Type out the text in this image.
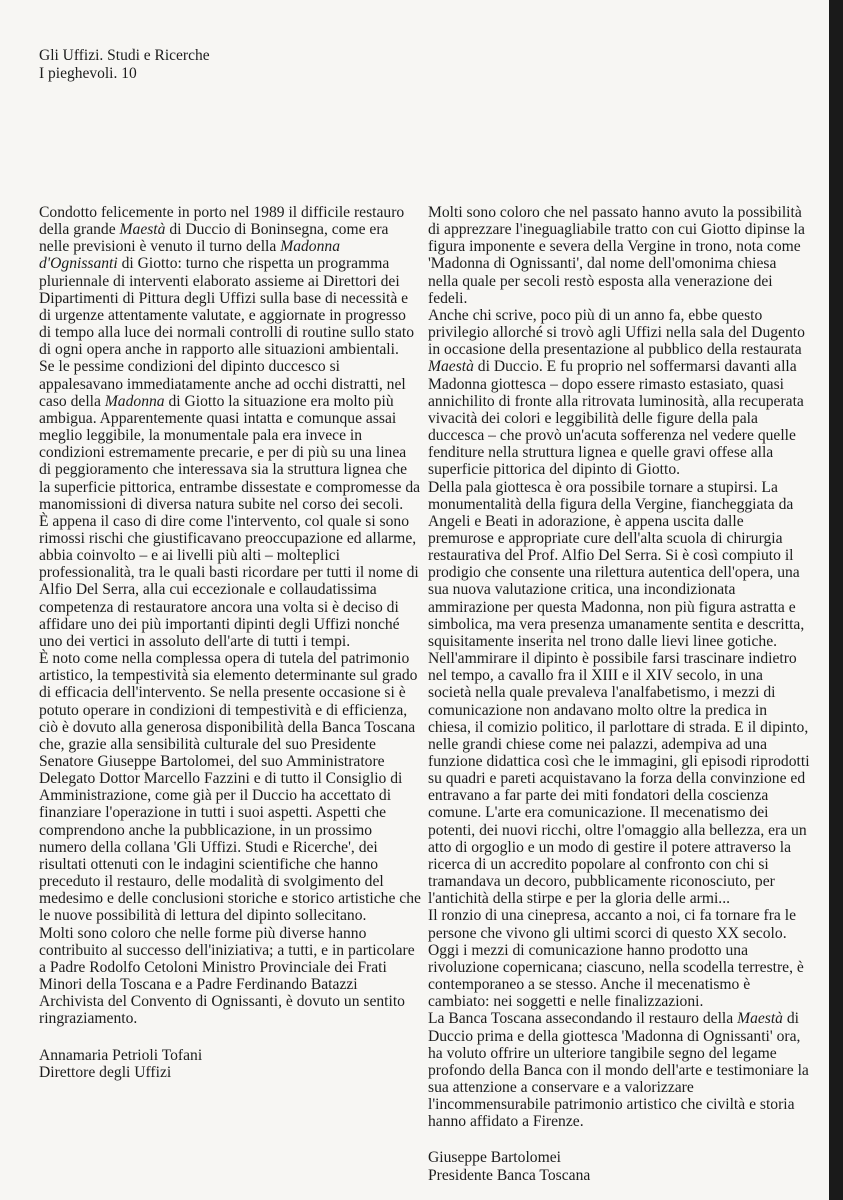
Gli Uffizi. Studi e Ricerche
I pieghevoli. 10

Condotto felicemente in porto nel 1989 il difficile restauro della grande Maestà di Duccio di Boninsegna, come era nelle previsioni è venuto il turno della Madonna d'Ognissanti di Giotto: turno che rispetta un programma pluriennale di interventi elaborato assieme ai Direttori dei Dipartimenti di Pittura degli Uffizi sulla base di necessità e di urgenze attentamente valutate, e aggiornate in progresso di tempo alla luce dei normali controlli di routine sullo stato di ogni opera anche in rapporto alle situazioni ambientali.

Se le pessime condizioni del dipinto duccesco si appalesavano immediatamente anche ad occhi distratti, nel caso della Madonna di Giotto la situazione era molto più ambigua. Apparentemente quasi intatta e comunque assai meglio leggibile, la monumentale pala era invece in condizioni estremamente precarie, e per di più su una linea di peggioramento che interessava sia la struttura lignea che la superficie pittorica, entrambe dissestate e compromesse da manomissioni di diversa natura subite nel corso dei secoli.

È appena il caso di dire come l'intervento, col quale si sono rimossi rischi che giustificavano preoccupazione ed allarme, abbia coinvolto – e ai livelli più alti – molteplici professionalità, tra le quali basti ricordare per tutti il nome di Alfio Del Serra, alla cui eccezionale e collaudatissima competenza di restauratore ancora una volta si è deciso di affidare uno dei più importanti dipinti degli Uffizi nonché uno dei vertici in assoluto dell'arte di tutti i tempi.

È noto come nella complessa opera di tutela del patrimonio artistico, la tempestività sia elemento determinante sul grado di efficacia dell'intervento. Se nella presente occasione si è potuto operare in condizioni di tempestività e di efficienza, ciò è dovuto alla generosa disponibilità della Banca Toscana che, grazie alla sensibilità culturale del suo Presidente Senatore Giuseppe Bartolomei, del suo Amministratore Delegato Dottor Marcello Fazzini e di tutto il Consiglio di Amministrazione, come già per il Duccio ha accettato di finanziare l'operazione in tutti i suoi aspetti. Aspetti che comprendono anche la pubblicazione, in un prossimo numero della collana 'Gli Uffizi. Studi e Ricerche', dei risultati ottenuti con le indagini scientifiche che hanno preceduto il restauro, delle modalità di svolgimento del medesimo e delle conclusioni storiche e storico artistiche che le nuove possibilità di lettura del dipinto sollecitano.

Molti sono coloro che nelle forme più diverse hanno contribuito al successo dell'iniziativa; a tutti, e in particolare a Padre Rodolfo Cetoloni Ministro Provinciale dei Frati Minori della Toscana e a Padre Ferdinando Batazzi Archivista del Convento di Ognissanti, è dovuto un sentito ringraziamento.

Annamaria Petrioli Tofani
Direttore degli Uffizi

Molti sono coloro che nel passato hanno avuto la possibilità di apprezzare l'ineguagliabile tratto con cui Giotto dipinse la figura imponente e severa della Vergine in trono, nota come 'Madonna di Ognissanti', dal nome dell'omonima chiesa nella quale per secoli restò esposta alla venerazione dei fedeli.

Anche chi scrive, poco più di un anno fa, ebbe questo privilegio allorché si trovò agli Uffizi nella sala del Dugento in occasione della presentazione al pubblico della restaurata Maestà di Duccio. E fu proprio nel soffermarsi davanti alla Madonna giottesca – dopo essere rimasto estasiato, quasi annichilito di fronte alla ritrovata luminosità, alla recuperata vivacità dei colori e leggibilità delle figure della pala duccesca – che provò un'acuta sofferenza nel vedere quelle fenditure nella struttura lignea e quelle gravi offese alla superficie pittorica del dipinto di Giotto.

Della pala giottesca è ora possibile tornare a stupirsi. La monumentalità della figura della Vergine, fiancheggiata da Angeli e Beati in adorazione, è appena uscita dalle premurose e appropriate cure dell'alta scuola di chirurgia restaurativa del Prof. Alfio Del Serra. Si è così compiuto il prodigio che consente una rilettura autentica dell'opera, una sua nuova valutazione critica, una incondizionata ammirazione per questa Madonna, non più figura astratta e simbolica, ma vera presenza umanamente sentita e descritta, squisitamente inserita nel trono dalle lievi linee gotiche.

Nell'ammirare il dipinto è possibile farsi trascinare indietro nel tempo, a cavallo fra il XIII e il XIV secolo, in una società nella quale prevaleva l'analfabetismo, i mezzi di comunicazione non andavano molto oltre la predica in chiesa, il comizio politico, il parlottare di strada. E il dipinto, nelle grandi chiese come nei palazzi, adempiva ad una funzione didattica così che le immagini, gli episodi riprodotti su quadri e pareti acquistavano la forza della convinzione ed entravano a far parte dei miti fondatori della coscienza comune. L'arte era comunicazione. Il mecenatismo dei potenti, dei nuovi ricchi, oltre l'omaggio alla bellezza, era un atto di orgoglio e un modo di gestire il potere attraverso la ricerca di un accredito popolare al confronto con chi si tramandava un decoro, pubblicamente riconosciuto, per l'antichità della stirpe e per la gloria delle armi...

Il ronzio di una cinepresa, accanto a noi, ci fa tornare fra le persone che vivono gli ultimi scorci di questo XX secolo.

Oggi i mezzi di comunicazione hanno prodotto una rivoluzione copernicana; ciascuno, nella scodella terrestre, è contemporaneo a se stesso. Anche il mecenatismo è cambiato: nei soggetti e nelle finalizzazioni.

La Banca Toscana assecondando il restauro della Maestà di Duccio prima e della giottesca 'Madonna di Ognissanti' ora, ha voluto offrire un ulteriore tangibile segno del legame profondo della Banca con il mondo dell'arte e testimoniare la sua attenzione a conservare e a valorizzare l'incommensurabile patrimonio artistico che civiltà e storia hanno affidato a Firenze.

Giuseppe Bartolomei
Presidente Banca Toscana
